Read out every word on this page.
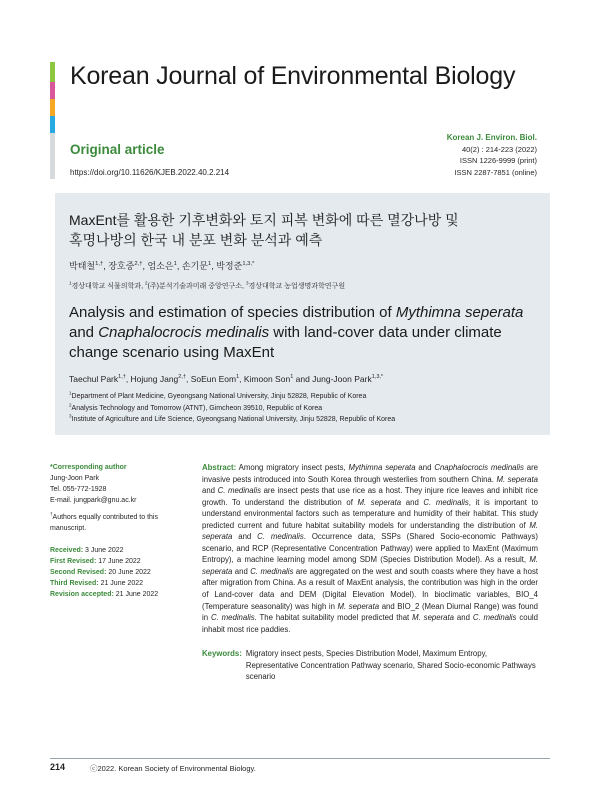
Korean Journal of Environmental Biology
Original article
https://doi.org/10.11626/KJEB.2022.40.2.214
Korean J. Environ. Biol.
40(2) : 214-223 (2022)
ISSN 1226-9999 (print)
ISSN 2287-7851 (online)
MaxEnt를 활용한 기후변화와 토지 피복 변화에 따른 멸강나방 및
혹명나방의 한국 내 분포 변화 분석과 예측
박태철$^{1,\dagger}$, 장호중$^{2,\dagger}$, 엄소은$^1$, 손기문$^1$, 박정준$^{1,3,*}$
$^1$경상대학교 식물의학과, $^2$(주)분석기술과미래 중앙연구소, $^3$경상대학교 농업생명과학연구원
Analysis and estimation of species distribution of Mythimna seperata and Cnaphalocrocis medinalis with land-cover data under climate change scenario using MaxEnt
Taechul Park$^{1,\dagger}$, Hojung Jang$^{2,\dagger}$, SoEun Eom$^1$, Kimoon Son$^1$ and Jung-Joon Park$^{1,3,*}$
$^1$Department of Plant Medicine, Gyeongsang National University, Jinju 52828, Republic of Korea
$^2$Analysis Technology and Tomorrow (ATNT), Gimcheon 39510, Republic of Korea
$^3$Institute of Agriculture and Life Science, Gyeongsang National University, Jinju 52828, Republic of Korea
*Corresponding author
Jung-Joon Park
Tel. 055-772-1928
E-mail. jungpark@gnu.ac.kr
†Authors equally contributed to this manuscript.
Received: 3 June 2022
First Revised: 17 June 2022
Second Revised: 20 June 2022
Third Revised: 21 June 2022
Revision accepted: 21 June 2022
Abstract: Among migratory insect pests, Mythimna seperata and Cnaphalocrocis medinalis are invasive pests introduced into South Korea through westerlies from southern China. M. seperata and C. medinalis are insect pests that use rice as a host. They injure rice leaves and inhibit rice growth. To understand the distribution of M. seperata and C. medinalis, it is important to understand environmental factors such as temperature and humidity of their habitat. This study predicted current and future habitat suitability models for understanding the distribution of M. seperata and C. medinalis. Occurrence data, SSPs (Shared Socio-economic Pathways) scenario, and RCP (Representative Concentration Pathway) were applied to MaxEnt (Maximum Entropy), a machine learning model among SDM (Species Distribution Model). As a result, M. seperata and C. medinalis are aggregated on the west and south coasts where they have a host after migration from China. As a result of MaxEnt analysis, the contribution was high in the order of Land-cover data and DEM (Digital Elevation Model). In bioclimatic variables, BIO_4 (Temperature seasonality) was high in M. seperata and BIO_2 (Mean Diurnal Range) was found in C. medinalis. The habitat suitability model predicted that M. seperata and C. medinalis could inhabit most rice paddies.
Keywords: Migratory insect pests, Species Distribution Model, Maximum Entropy, Representative Concentration Pathway scenario, Shared Socio-economic Pathways scenario
214	ⓒ2022. Korean Society of Environmental Biology.
